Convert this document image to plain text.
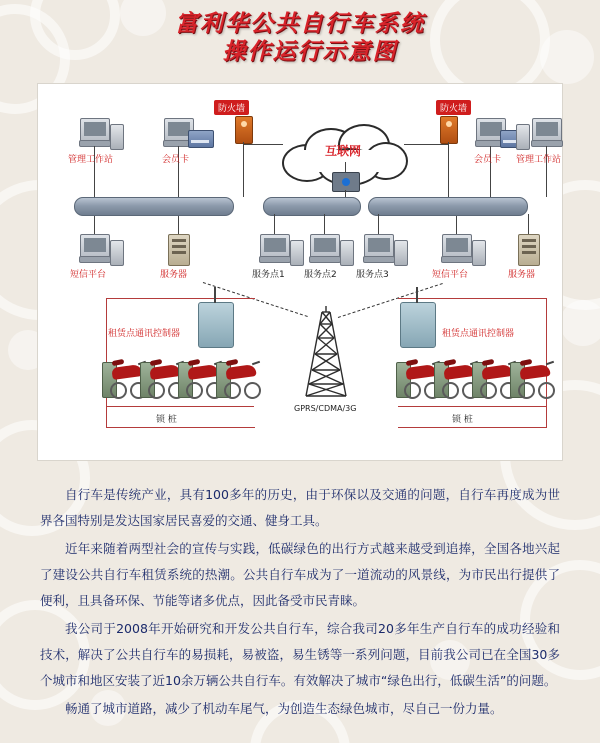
富利华公共自行车系统
操作运行示意图
互联网
防火墙	防火墙
管理工作站	会员卡
短信平台	服务器
会员卡 管理工作站
短信平台	服务器
服务点1 服务点2 服务点3
GPRS/CDMA/3G
租赁点通讯控制器
锁 桩
租赁点通讯控制器
锁 桩

自行车是传统产业，具有100多年的历史，由于环保以及交通的问题，自行车再度成为世界各国特别是发达国家居民喜爱的交通、健身工具。

近年来随着两型社会的宣传与实践，低碳绿色的出行方式越来越受到追捧，全国各地兴起了建设公共自行车租赁系统的热潮。公共自行车成为了一道流动的风景线，为市民出行提供了便利，且具备环保、节能等诸多优点，因此备受市民青睐。

我公司于2008年开始研究和开发公共自行车，综合我司20多年生产自行车的成功经验和技术，解决了公共自行车的易损耗，易被盗，易生锈等一系列问题，目前我公司已在全国30多个城市和地区安装了近10余万辆公共自行车。有效解决了城市“绿色出行，低碳生活”的问题。

畅通了城市道路，减少了机动车尾气，为创造生态绿色城市，尽自己一份力量。
